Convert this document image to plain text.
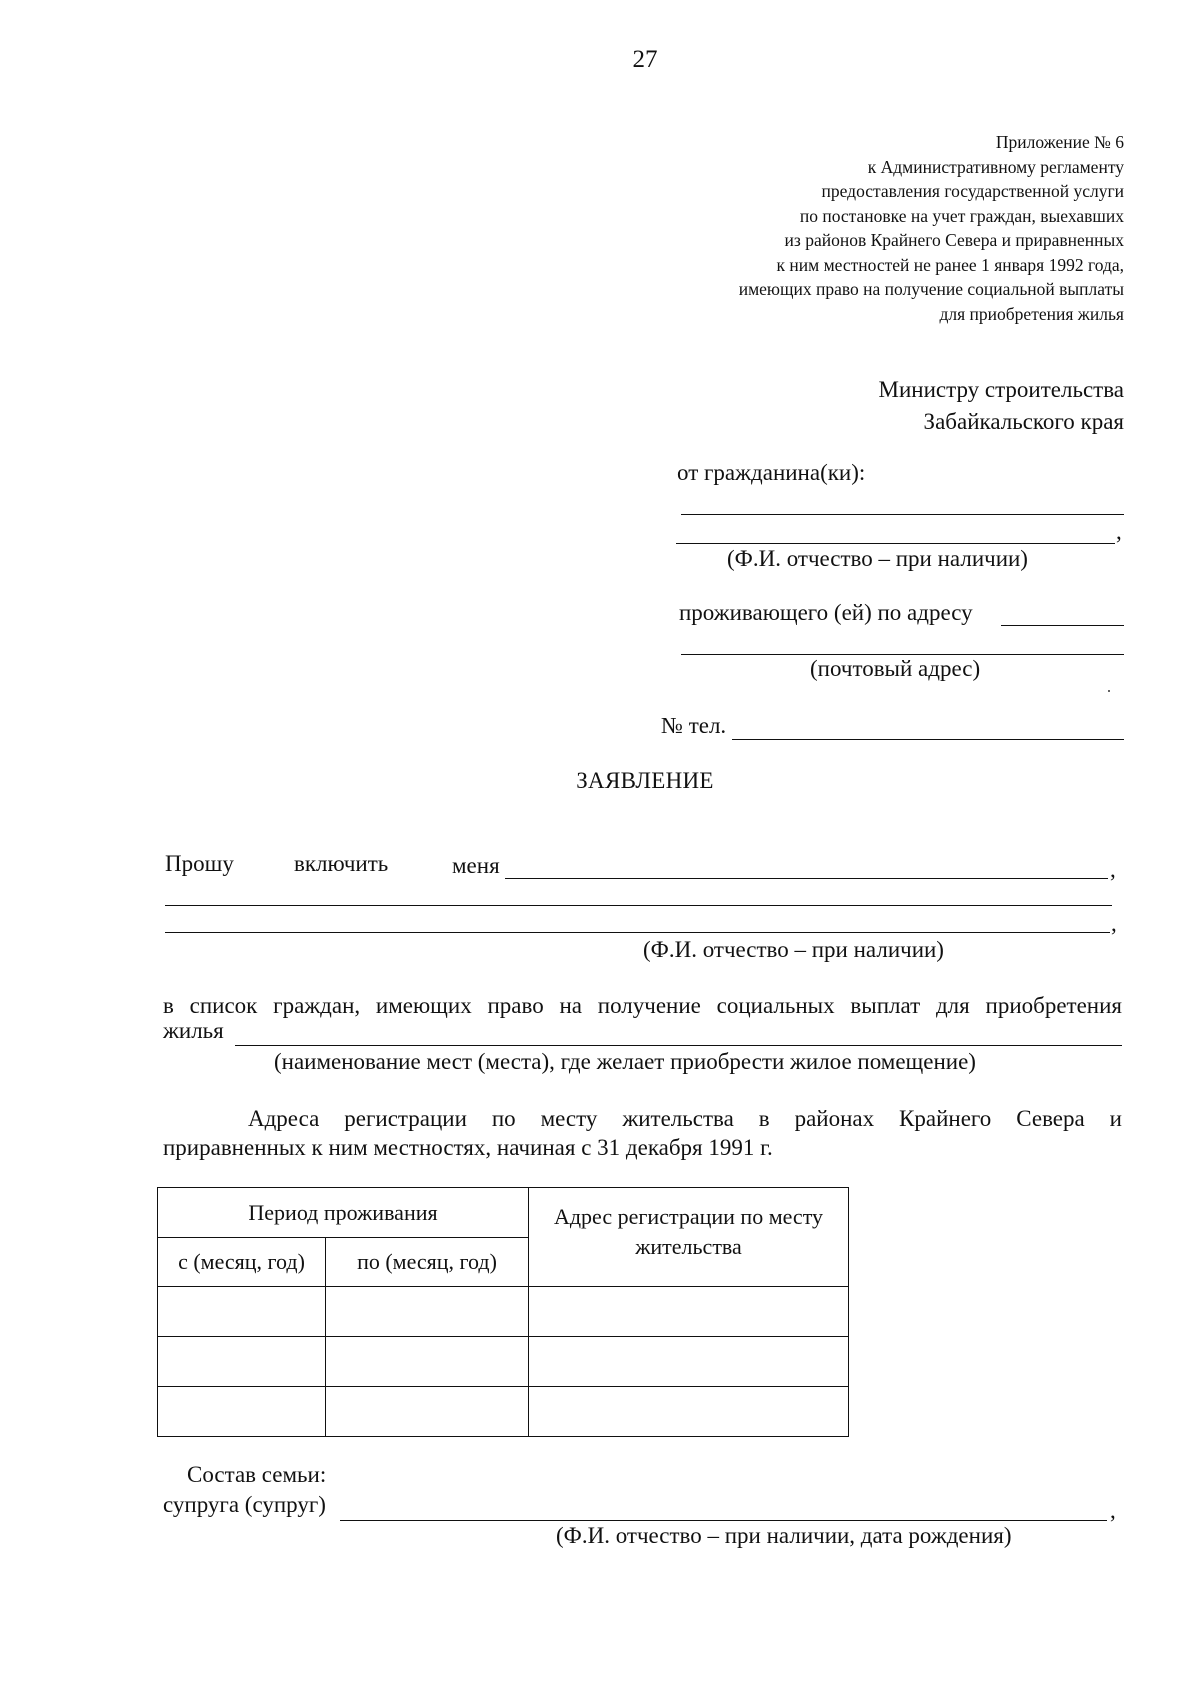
27
Приложение № 6
к Административному регламенту
предоставления государственной услуги
по постановке на учет граждан, выехавших
из районов Крайнего Севера и приравненных
к ним местностей не ранее 1 января 1992 года,
имеющих право на получение социальной выплаты
для приобретения жилья
Министру строительства
Забайкальского края
от гражданина(ки):
,
(Ф.И. отчество – при наличии)
проживающего (ей) по адресу
(почтовый адрес)
№ тел.
ЗАЯВЛЕНИЕ
Прошу	включить	меня	,
,
(Ф.И. отчество – при наличии)
в список граждан, имеющих право на получение социальных выплат для приобретения
жилья
(наименование мест (места), где желает приобрести жилое помещение)
Адреса регистрации по месту жительства в районах Крайнего Севера и
приравненных к ним местностях, начиная с 31 декабря 1991 г.
Период проживания		Адрес регистрации по месту жительства
с (месяц, год)	по (месяц, год)	

Состав семьи:
супруга (супруг)	,
(Ф.И. отчество – при наличии, дата рождения)
